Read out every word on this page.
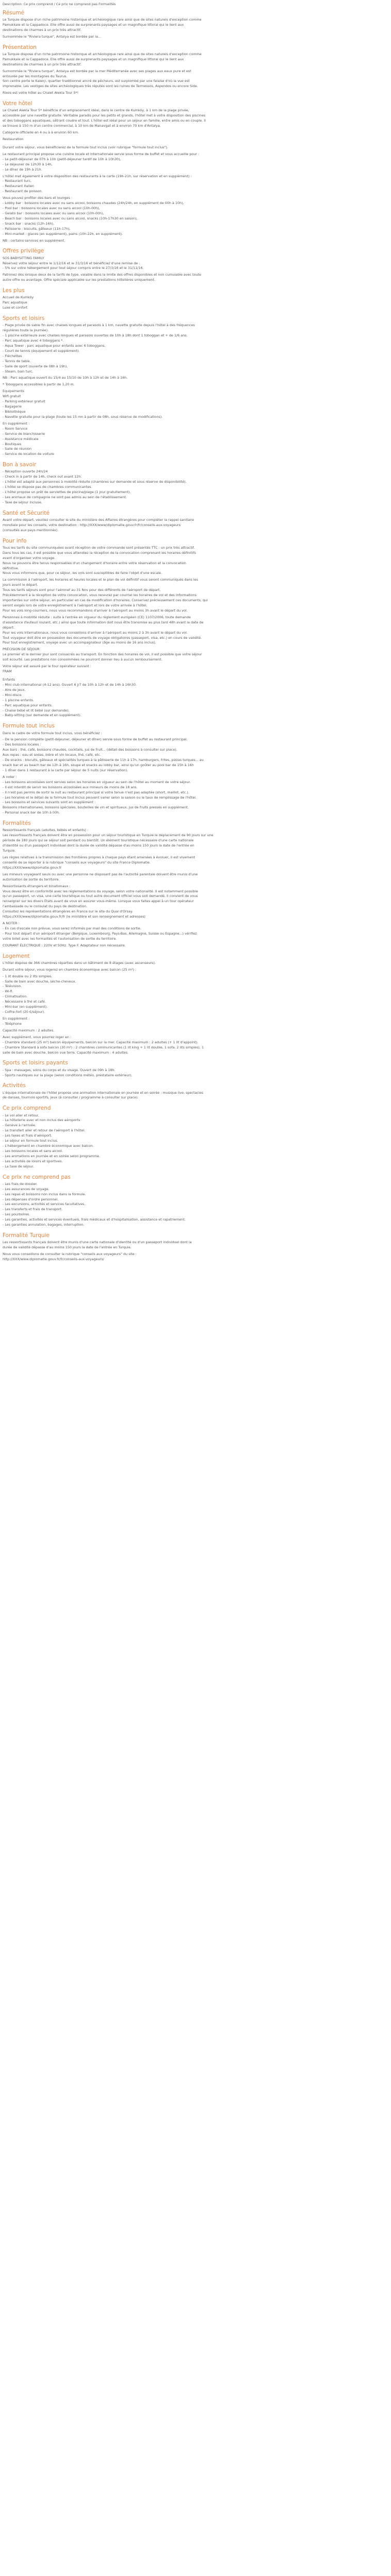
Description: Ce prix comprend / Ce prix ne comprend pas Formalités

Résumé

Le Turquie dispose d'un riche patrimoine historique et archéologique rare ainsi que de sites naturels d'exception comme

Pamukkale et la Cappadoce. Elle offre aussi de surprenants paysages et un magnifique littoral qui le lient aux

destinations de charmes à un prix très attractif.

Surnommée le "Riviera turque", Antalya est bordée par la...

Présentation

La Turquie dispose d'un riche patrimoine historique et archéologique rare ainsi que de sites naturels d'exception comme

Pamukkale et la Cappadoce. Elle offre aussi de surprenants paysages et un magnifique littoral qui le lient aux

destinations de charmes à un prix très attractif.

Surnommée le "Riviera turque", Antalya est bordée par la mer Méditerranée avec ses plages aux eaux pure et est

entourée par les montagnes du Taurus.

Son centre porte le Kaleiçi, quartier traditionnel ancré de pêcheurs, est surplombé par une falaise d'où la vue est

imprenable. Les vestiges de sites archéologiques très réputés sont les ruines de Termessos, Aspendos ou encore Side.

Rixos est votre hôtel au Chalet Alekla Tour 5*!

Votre hôtel

Le Chalet Alekla Tour 5* bénéficie d'un emplacement idéal, dans le centre de Kumköy, à 1 km de la plage privée,

accessible par une navette gratuite. Véritable paradis pour les petits et grands, l'hôtel met à votre disposition des piscines

et des toboggans aquatiques, sêtrant coudre et tout. L'hôtel est idéal pour un séjour en famille, entre amis ou en couple. Il

se trouve à 150 m d'un centre commercial, à 10 km de Manavgat et à environ 70 km d'Antalya.

Catégorie officielle en 4 ou à à environ 60 km.

Restauration

Durant votre séjour, vous bénéficierez de la formule tout inclus (voir rubrique "formule tout inclus").

Le restaurant principal propose une cuisine locale et internationale servie sous forme de buffet et vous accueille pour :

- Le petit-déjeuner de 07h à 10h (petit-déjeuner tardif de 10h à 10h30),

- Le déjeuner de 12h30 à 14h,

- Le dîner de 19h à 21h.

L'hôtel met également à votre disposition des restaurants à la carte (19h-21h, sur réservation et en supplément) :

- Restaurant turc,

- Restaurant italien

- Restaurant de poisson.

Vous pouvez profiter des bars et lounges :

- Lobby bar : boissons locales avec ou sans alcool, boissons chaudes (24h/24h, en supplément de 00h à 10h),

- Pool bar : boissons locales avec ou sans alcool (10h-00h),

- Gelato bar : boissons locales avec ou sans alcool (10h-00h),

- Beach bar : boissons locales avec ou sans alcool, snacks (10h-17h30 en saison),

- Snack bar : snacks (12h-16h),

- Patisserie : biscuits, gâteaux (11h-17h),

- Mini-market : glaces (en supplément), pains (10h-22h, en supplément).

NB : certains services en supplément.

Offres privilège

SOS BABYSITTING FAMILY

Réservez votre séjour entre le 1/12/16 et le 31/3/16 et bénéficiez d'une remise de :

- 5% sur votre hébergement pour tout séjour compris entre le 27/3/16 et le 31/11/16.

Patronez dès lorsque deux de la tarifs de type, valable dans la limite des offres disponibles et non cumulable avec toute

autre offre ou avantage. Offre spéciale applicable sur les prestations hôtelières uniquement.

Les plus

Accueil de Kumköy

Parc aquatique

Luxe et confort

Sports et loisirs

- Plage privée de sable fin avec chaises longues et parasols à 1 km, navette gratuite depuis l'hôtel à des fréquences

régulières toute la journée).

- 1 piscine extérieure avec chaises longues et parasols ouvertes de 10h à 18h dont 1 toboggan et + de 1/6 ans.

- Parc aquatique avec 4 toboggans *.

- Aqua Tower : parc aquatique pour enfants avec 6 toboggans.

- Court de tennis (équipement et supplément).

- Fléchettes

- Tennis de table.

- Salle de sport (ouverte de 08h à 19h).

- Steam, bain turc.

NB : Parc aquatique ouvert du 15/4 au 15/10 de 10h à 12h et de 14h à 16h.

* Toboggans accessibles à partir de 1,20 m.

Equipements

Wifi gratuit

- Parking extérieur gratuit

- Bagagerie

- Bibliothèque

- Navette gratuite pour la plage (toute les 15 mn à partir de 08h, sous réserve de modifications).

En supplément :

- Room Service

- Service de blanchisserie

- Assistance médicale

- Boutiques

- Salle de réunion

- Service de location de voiture

Bon à savoir

- Réception ouverte 24h/24

- Check in à partir de 14h, check out avant 12h.

- L'hôtel est adapté aux personnes à mobilité réduite (chambres sur demande et sous réserve de disponibilité).

- L'hôtel se dispose pas de chambres communicantes.

- L'hôtel propose un prêt de serviettes de piscine/plage (1 jour gratuitement).

- Les animaux de compagnie ne sont pas admis au sein de l'établissement.

- Taxe de séjour incluse.

Santé et Sécurité

Avant votre départ, veuillez consulter le site du ministère des Affaires étrangères pour compléter la rappel sanitaire

mondiale pour les conseils, votre destination : http://XXX/www/diplomatie.gouv.fr/fr/conseils-aux-voyageurs

(consultés aux pays mentionnés).

Pour info

Tous les tarifs du site communiquées avant réception de votre commande sont présentés TTC : un prix très attractif.

Dans tous les cas, il est possible que vous attendiez la réception de la convocation comprenant les horaires définitifs

avant d'organiser votre voyage.

Nous ne pouvons être tenus responsables d'un changement d'horaire entre votre réservation et la convocation

définitive.

Nous vous informons que, pour ce séjour, les vols sont susceptibles de faire l'objet d'une escale.

La commission à l'aéroport, les horaires et heures locales et le plan de vol définitif vous seront communiqués dans les

jours avant le départ.

Tous les tarifs séjours sont pour l'aéronef au 31 Nov pour des différents de l'aéroport de départ.

Précédemment à la réception de votre convocation, vous recevrez par courriel les horaires de vol et des informations

importantes sur votre séjour, en particulier en cas de modification d'horaires. Conservez précieusement ces documents, qui

seront exigés lors de votre enregistrement à l'aéroport et lors de votre arrivée à l'hôtel.

Pour les vols long-courriers, nous vous recommandons d'arriver à l'aéroport au moins 3h avant le départ du vol.

Personnes à mobilité réduite : suite à l'entrée en vigueur du règlement européen (CE) 1107/2006, toute demande

d'assistance (fauteuil roulant, etc.) ainsi que toute information doit nous être transmise au plus tard 48h avant la date de

départ.

Pour les vols internationaux, nous vous conseillons d'arriver à l'aéroport au moins 2 à 3h avant le départ du vol.

Tout voyageur doit être en possession des documents de voyage obligatoires (passeport, visa, etc.) en cours de validité.

Pour tout enregistrement, voyage avec un accompagnateur (âge au moins de 16 ans inclus).

PRÉCISION DE SÉJOUR

Le premier et le dernier jour sont consacrés au transport. En fonction des horaires de vol, il est possible que votre séjour

soit écourté. Les prestations non consommées ne pourront donner lieu à aucun remboursement.

Votre séjour est assuré par le tour opérateur suivant :

FRAM

Enfants

- Mini club international (4-12 ans). Ouvert 6 j/7 de 10h à 12h et de 14h à 16h30.

- Aire de jeux.

- Mini-disco.

- 1 piscine enfants.

- Parc aquatique pour enfants.

- Chaise bébé et lit bébé (sur demande).

- Baby-sitting (sur demande et en supplément).

Formule tout inclus

Dans le cadre de votre formule tout inclus, vous bénéficiez :

- De la pension complète (petit-déjeuner, déjeuner et dîner) servie sous forme de buffet au restaurant principal.

- Des boissons locales :

Aux bars : thé, café, boissons chaudes, cocktails, jus de fruit... (détail des boissons à consulter sur place).

Aux repas : eau et sodas, bière et vin locaux, thé, café, etc.

- De snacks : biscuits, gâteaux et spécialités turques à la pâtisserie de 11h à 17h, hamburgers, frites, pizzas turques... au

snack bar et au beach bar de 12h à 16h, soupe et snacks au lobby bar, ainsi qu'un goûter au pool bar de 15h à 16h

- 1 dîner dans 1 restaurant à la carte par séjour de 5 nuits (sur réservation).

A noter :

- Les boissons alcoolisées sont servies selon les horaires en vigueur au sein de l'hôtel au moment de votre séjour.

- Il est interdit de servir les boissons alcoolisées aux mineurs de moins de 18 ans.

- Il n'est pas permis de sortir la nuit au restaurant principal si votre tenue n'est pas adaptée (short, maillot, etc.).

- Les horaires et le détail de la formule tout inclus peuvent varier selon la saison ou le taux de remplissage de l'hôtel.

- Les boissons et services suivants sont en supplément :

Boissons internationales, boissons spéciales, bouteilles de vin et spiritueux, jus de fruits pressés en supplément.

- Personal snack bar de 10h à 00h.

Formalités

Ressortissants français (adultes, bébés et enfants) :

Les ressortissants français doivent être en possession pour un séjour touristique en Turquie:le déplacement de 90 jours sur une

période de 180 jours qui se séjour soit pendant ou bientôt. Un élément touristique nécessaire d'une carte nationale

d'identité ou d'un passeport individuel dont la durée de validité dépasse d'au moins 150 jours la date de l'entrée en

Turquie.

Les règles relatives à la transmission des frontières propres à chaque pays étant amenées à évoluer, il est vivement

conseillé de se reporter à la rubrique "conseils aux voyageurs" du site France Diplomatie.

https://XXX/www/diplomatie.gouv.fr

Les mineurs voyageant seuls ou avec une personne ne disposant pas de l'autorité parentale doivent être munis d'une

autorisation de sortie du territoire.

Ressortissants étrangers et binationaux :

Vous devez être en conformité avec les réglementations du voyage, selon votre nationalité. Il est notamment possible

qu'un passeport, un visa, une carte touristique ou tout autre document officiel vous soit demandé. Il convient de vous

renseigner sur les divers États avant de vous en assurer vous-même. Lorsque vous faites appel à un tour opérateur

l'ambassade ou le consulat du pays de destination.

Consultez les représentations étrangères en France sur le site du Quai d'Orsay.

https://XXX/www/diplomatie.gouv.fr/fr (le ministère et son renseignement et adresses)

A NOTER :

- En cas d'escale non prévue, vous serez informés par mail des conditions de sortie.

- Pour tout départ d'un aéroport étranger (Belgique, Luxembourg, Pays-Bas, Allemagne, Suisse ou Espagne...) vérifiez

votre billet avec les formalités et l'autorisation de sortie du territoire.

COURANT ÉLECTRIQUE : 220V et 50Hz. Type F. Adaptateur non nécessaire.

Logement

L'hôtel dispose de 366 chambres réparties dans un bâtiment de 8 étages (avec ascenseurs).

Durant votre séjour, vous logerez en chambre économique avec balcon (25 m²) :

- 1 lit double ou 2 lits simples.

- Salle de bain avec douche, sèche-cheveux.

- Télévision.

- Wi-fi.

- Climatisation.

- Nécessaire à thé et café.

- Mini-bar (en supplément).

- Coffre-fort (20 €/séjour).

En supplément :

- Téléphone

Capacité maximum : 2 adultes.

Avec supplément, vous pourrez loger en :

- Chambre standard (25 m²) balcon équipements, balcon sur la mer. Capacité maximum : 2 adultes (+ 1 lit d'appoint).

- Chambre Standard à sofa balcon (30 m²) : 2 chambres communicantes (1 lit king + 1 lit double, 1 sofa, 2 lits simples), 1

salle de bain avec douche, balcon vue terre. Capacité maximum : 4 adultes.

Sports et loisirs payants

- Spa : massages, soins du corps et du visage. Ouvert de 09h à 18h.

- Sports nautiques sur la plage (selon conditions météo, prestataire extérieur).

Activités

L'équipe internationale de l'hôtel propose une animation internationale en journée et en soirée : musique live, spectacles

de danses, tournois sportifs, jeux (à consulter / programme à consulter sur place).

Ce prix comprend

- Le vol aller et retour.

- La hôtellerie avec et non inclus des aéroports

- Genève à l'arrivée.

- Le transfert aller et retour de l'aéroport à l'hôtel.

- Les taxes et frais d'aéroport.

- Le séjour en formule tout inclus.

- L'hébergement en chambre économique avec balcon.

- Les boissons locales et sans alcool.

- Les animations en journée et en soirée selon programme.

- Les activités de loisirs et sportives.

- La taxe de séjour.

Ce prix ne comprend pas

- Les frais de dossier.

- Les assurances de voyage.

- Les repas et boissons non inclus dans la formule.

- Les dépenses d'ordre personnel.

- Les excursions, activités et services facultatives.

- Les transferts et frais de transport.

- Les pourboires.

- Les garanties, activités et services éventuels, frais médicaux et d'hospitalisation, assistance et rapatriement.

- Les garanties annulation, bagages, interruption.

Formalité Turquie

Les ressortissants français doivent être munis d'une carte nationale d'identité ou d'un passeport individuel dont la

durée de validité dépasse d'au moins 150 jours la date de l'entrée en Turquie.

Nous vous conseillons de consulter la rubrique "conseils aux voyageurs" du site :

http://XXX/www.diplomatie.gouv.fr/fr/conseils-aux-voyageurs/
